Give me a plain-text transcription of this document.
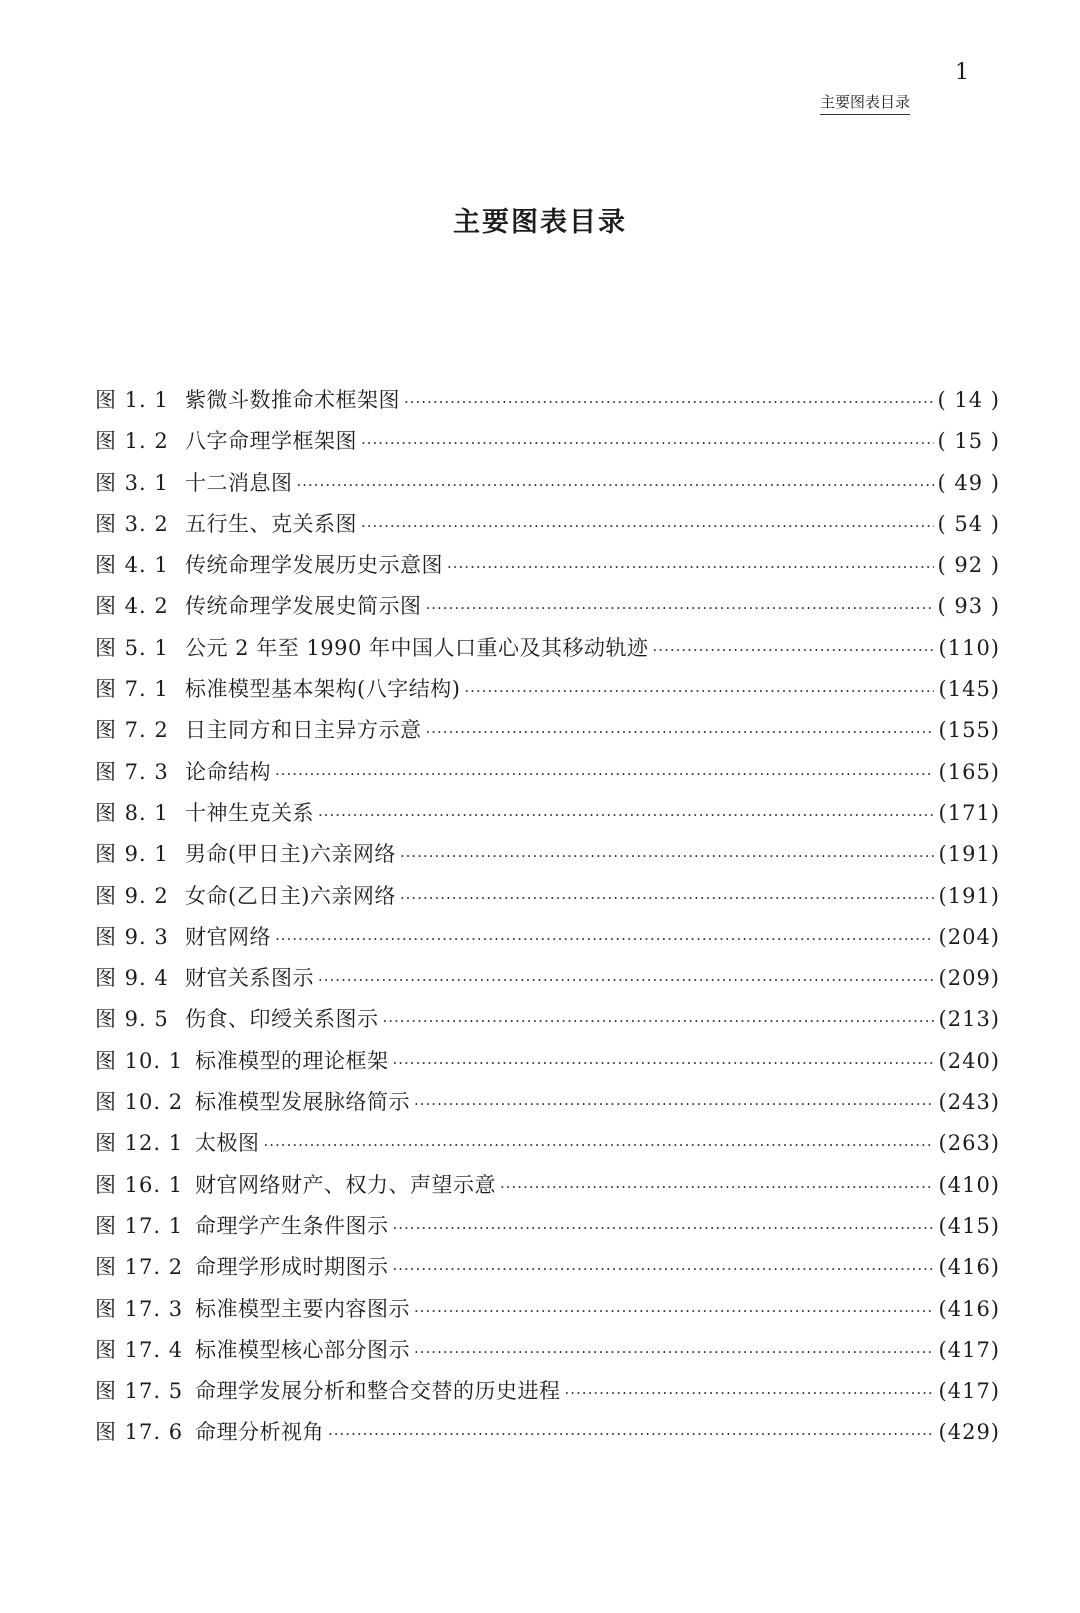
1
主要图表目录
主要图表目录
图 1. 1 紫微斗数推命术框架图 ·····	( 14 )
图 1. 2 八字命理学框架图 ·····	( 15 )
图 3. 1 十二消息图 ·····	( 49 )
图 3. 2 五行生、克关系图 ·····	( 54 )
图 4. 1 传统命理学发展历史示意图 ·····	( 92 )
图 4. 2 传统命理学发展史简示图 ·····	( 93 )
图 5. 1 公元 2 年至 1990 年中国人口重心及其移动轨迹 ·····	(110)
图 7. 1 标准模型基本架构(八字结构) ·····	(145)
图 7. 2 日主同方和日主异方示意 ·····	(155)
图 7. 3 论命结构 ·····	(165)
图 8. 1 十神生克关系 ·····	(171)
图 9. 1 男命(甲日主)六亲网络 ·····	(191)
图 9. 2 女命(乙日主)六亲网络 ·····	(191)
图 9. 3 财官网络 ·····	(204)
图 9. 4 财官关系图示 ·····	(209)
图 9. 5 伤食、印绶关系图示 ·····	(213)
图 10. 1 标准模型的理论框架 ·····	(240)
图 10. 2 标准模型发展脉络简示 ·····	(243)
图 12. 1 太极图 ·····	(263)
图 16. 1 财官网络财产、权力、声望示意 ·····	(410)
图 17. 1 命理学产生条件图示 ·····	(415)
图 17. 2 命理学形成时期图示 ·····	(416)
图 17. 3 标准模型主要内容图示 ·····	(416)
图 17. 4 标准模型核心部分图示 ·····	(417)
图 17. 5 命理学发展分析和整合交替的历史进程 ·····	(417)
图 17. 6 命理分析视角 ·····	(429)
